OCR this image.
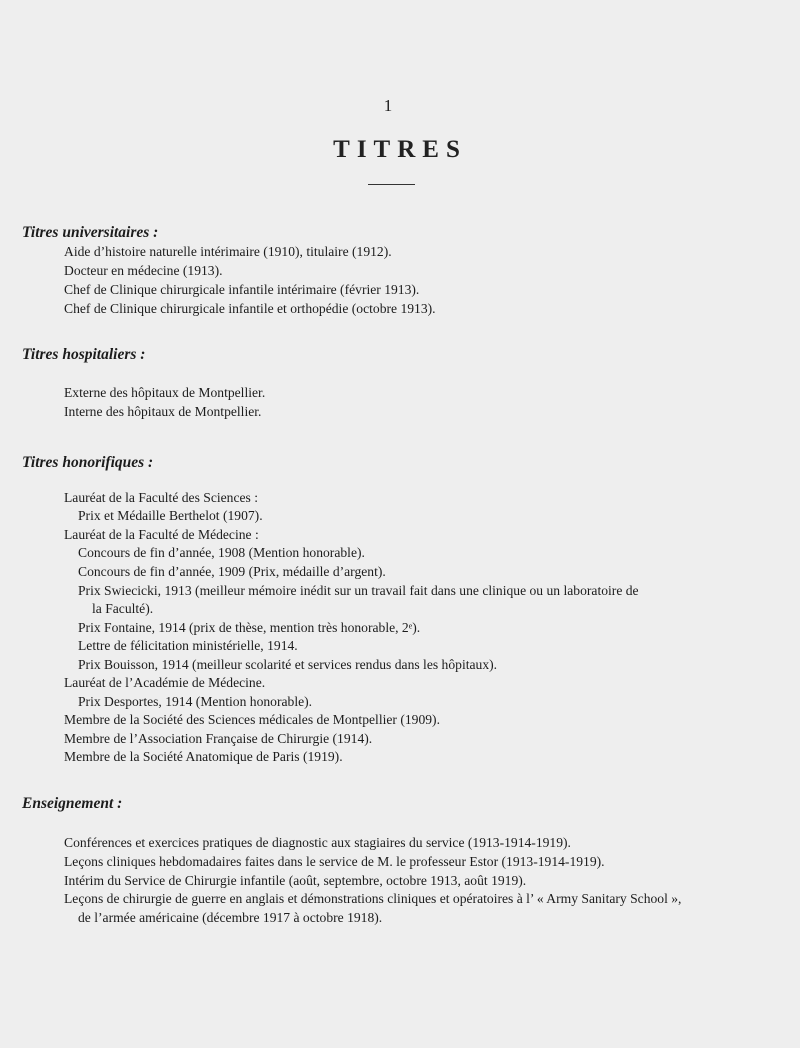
1
TITRES
Titres universitaires :
Aide d’histoire naturelle intérimaire (1910), titulaire (1912).
Docteur en médecine (1913).
Chef de Clinique chirurgicale infantile intérimaire (février 1913).
Chef de Clinique chirurgicale infantile et orthopédie (octobre 1913).
Titres hospitaliers :
Externe des hôpitaux de Montpellier.
Interne des hôpitaux de Montpellier.
Titres honorifiques :
Lauréat de la Faculté des Sciences :
Prix et Médaille Berthelot (1907).
Lauréat de la Faculté de Médecine :
Concours de fin d’année, 1908 (Mention honorable).
Concours de fin d’année, 1909 (Prix, médaille d’argent).
Prix Swiecicki, 1913 (meilleur mémoire inédit sur un travail fait dans une clinique ou un laboratoire de
la Faculté).
Prix Fontaine, 1914 (prix de thèse, mention très honorable, 2ᵉ).
Lettre de félicitation ministérielle, 1914.
Prix Bouisson, 1914 (meilleur scolarité et services rendus dans les hôpitaux).
Lauréat de l’Académie de Médecine.
Prix Desportes, 1914 (Mention honorable).
Membre de la Société des Sciences médicales de Montpellier (1909).
Membre de l’Association Française de Chirurgie (1914).
Membre de la Société Anatomique de Paris (1919).
Enseignement :
Conférences et exercices pratiques de diagnostic aux stagiaires du service (1913-1914-1919).
Leçons cliniques hebdomadaires faites dans le service de M. le professeur Estor (1913-1914-1919).
Intérim du Service de Chirurgie infantile (août, septembre, octobre 1913, août 1919).
Leçons de chirurgie de guerre en anglais et démonstrations cliniques et opératoires à l’ « Army Sanitary School »,
de l’armée américaine (décembre 1917 à octobre 1918).
